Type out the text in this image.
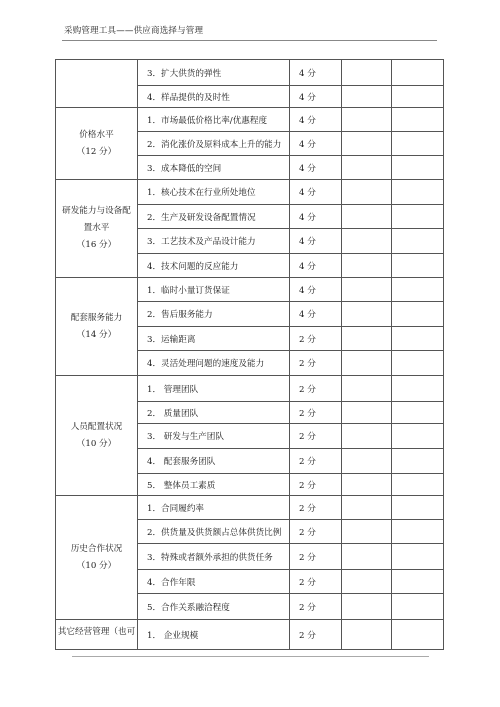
采购管理工具——供应商选择与管理
	3．扩大供货的弹性	4 分		
	4．样品提供的及时性	4 分		

价格水平
（12 分）	1．市场最低价格比率/优惠程度	4 分		
	2．消化涨价及原料成本上升的能力	4 分		
	3．成本降低的空间	4 分		

研发能力与设备配
置水平
（16 分）	1．核心技术在行业所处地位	4 分		
	2．生产及研发设备配置情况	4 分		
	3．工艺技术及产品设计能力	4 分		
	4．技术问题的反应能力	4 分		

配套服务能力
（14 分）	1．临时小量订货保证	4 分		
	2．售后服务能力	4 分		
	3．运输距离	2 分		
	4．灵活处理问题的速度及能力	2 分		

人员配置状况
（10 分）	1． 管理团队	2 分		
	2． 质量团队	2 分		
	3． 研发与生产团队	2 分		
	4． 配套服务团队	2 分		
	5． 整体员工素质	2 分		

历史合作状况
（10 分）	1．合同履约率	2 分		
	2．供货量及供货额占总体供货比例	2 分		
	3．特殊或者额外承担的供货任务	2 分		
	4．合作年限	2 分		
	5．合作关系融洽程度	2 分		

其它经营管理（也可	1． 企业规模	2 分		
